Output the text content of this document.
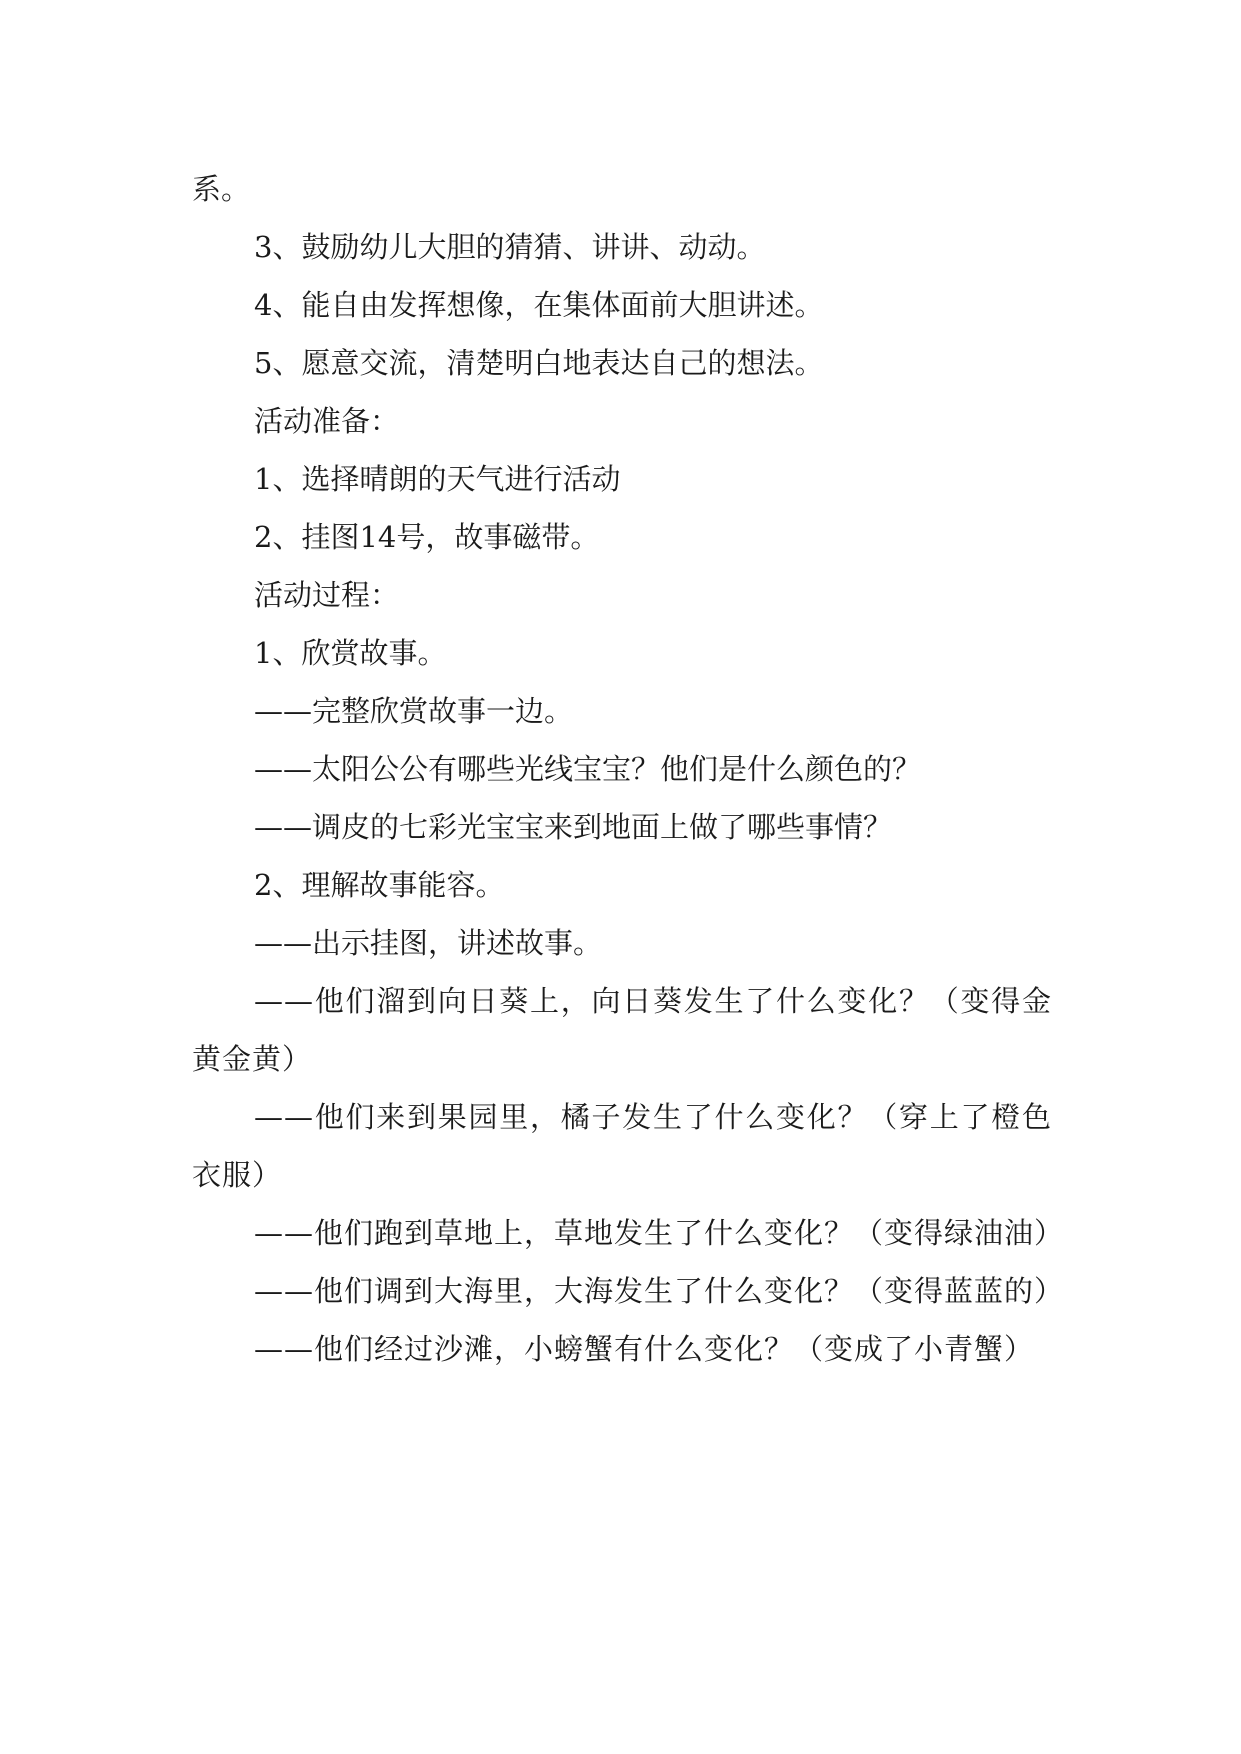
系。
3、鼓励幼儿大胆的猜猜、讲讲、动动。
4、能自由发挥想像，在集体面前大胆讲述。
5、愿意交流，清楚明白地表达自己的想法。
活动准备：
1、选择晴朗的天气进行活动
2、挂图14号，故事磁带。
活动过程：
1、欣赏故事。
——完整欣赏故事一边。
——太阳公公有哪些光线宝宝？他们是什么颜色的？
——调皮的七彩光宝宝来到地面上做了哪些事情？
2、理解故事能容。
——出示挂图，讲述故事。
——他们溜到向日葵上，向日葵发生了什么变化？（变得金黄金黄）
——他们来到果园里，橘子发生了什么变化？（穿上了橙色衣服）
——他们跑到草地上，草地发生了什么变化？（变得绿油油）
——他们调到大海里，大海发生了什么变化？（变得蓝蓝的）
——他们经过沙滩，小螃蟹有什么变化？（变成了小青蟹）
